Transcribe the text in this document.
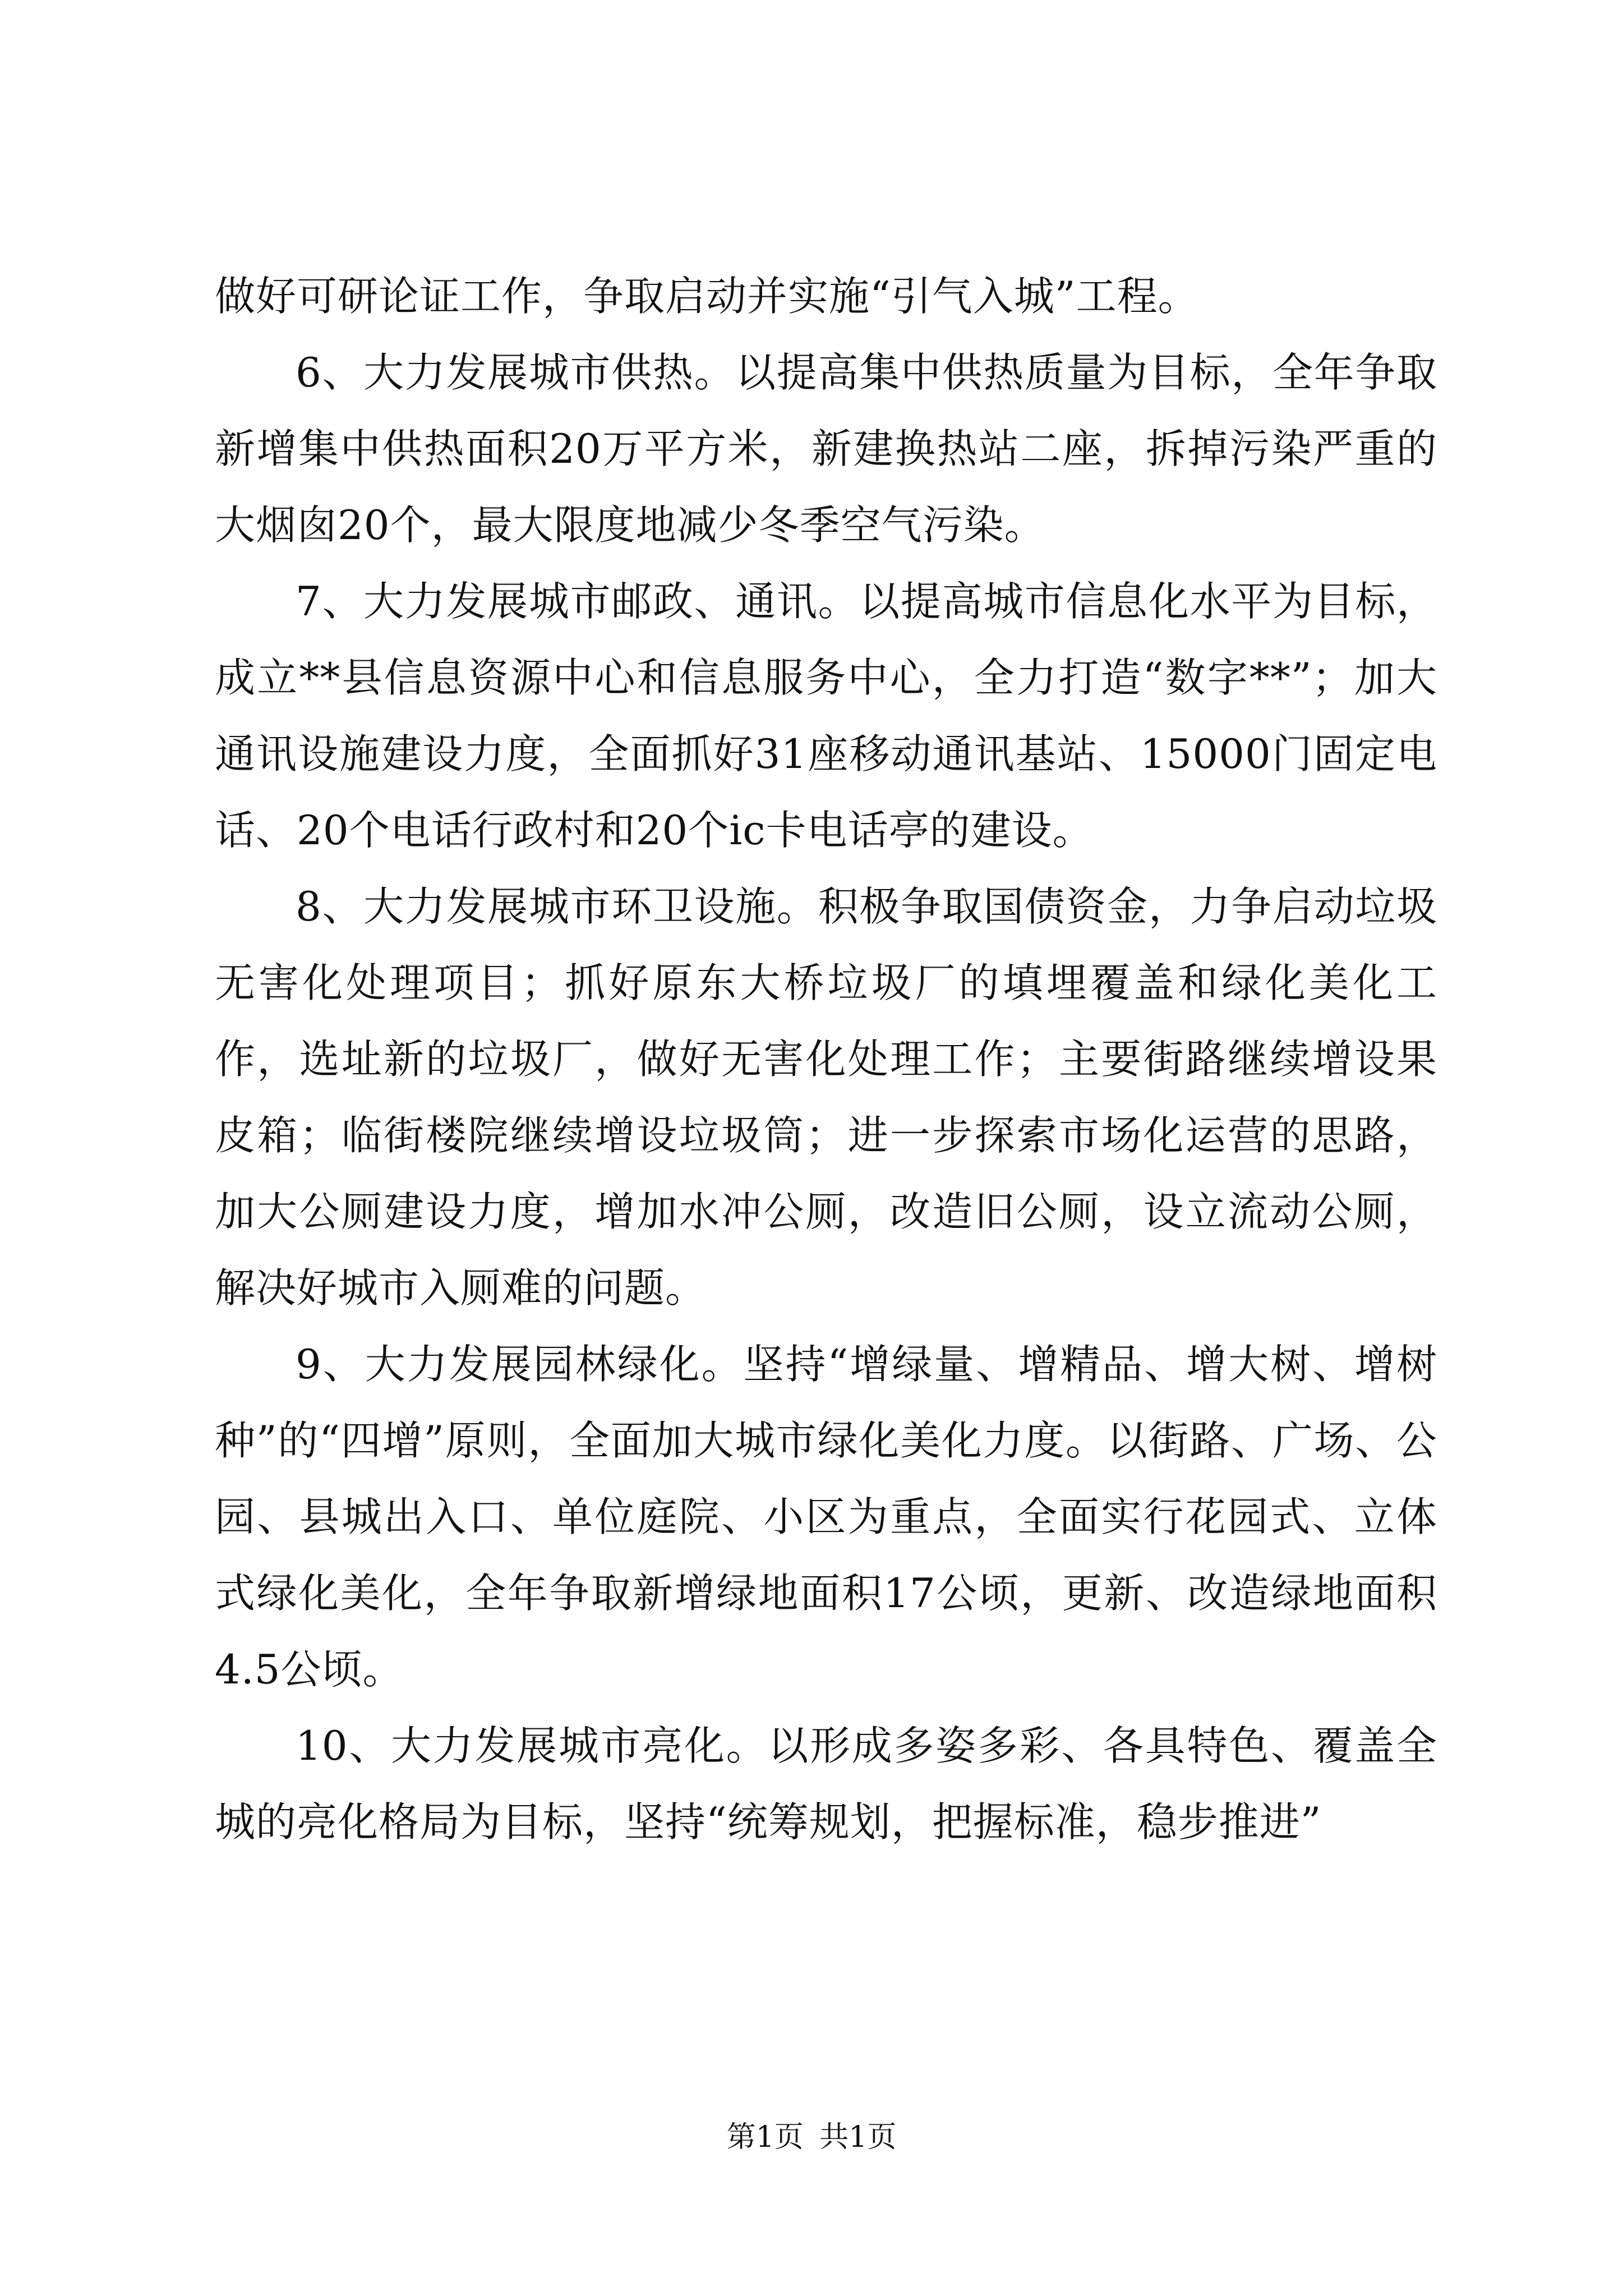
做好可研论证工作，争取启动并实施“引气入城”工程。

6、大力发展城市供热。以提高集中供热质量为目标，全年争取新增集中供热面积20万平方米，新建换热站二座，拆掉污染严重的大烟囱20个，最大限度地减少冬季空气污染。

7、大力发展城市邮政、通讯。以提高城市信息化水平为目标，成立**县信息资源中心和信息服务中心，全力打造“数字**”；加大通讯设施建设力度，全面抓好31座移动通讯基站、15000门固定电话、20个电话行政村和20个ic卡电话亭的建设。

8、大力发展城市环卫设施。积极争取国债资金，力争启动垃圾无害化处理项目；抓好原东大桥垃圾厂的填埋覆盖和绿化美化工作，选址新的垃圾厂，做好无害化处理工作；主要街路继续增设果皮箱；临街楼院继续增设垃圾筒；进一步探索市场化运营的思路，加大公厕建设力度，增加水冲公厕，改造旧公厕，设立流动公厕，解决好城市入厕难的问题。

9、大力发展园林绿化。坚持“增绿量、增精品、增大树、增树种”的“四增”原则，全面加大城市绿化美化力度。以街路、广场、公园、县城出入口、单位庭院、小区为重点，全面实行花园式、立体式绿化美化，全年争取新增绿地面积17公顷，更新、改造绿地面积4.5公顷。

10、大力发展城市亮化。以形成多姿多彩、各具特色、覆盖全城的亮化格局为目标，坚持“统筹规划，把握标准，稳步推进”

第1页 共1页
